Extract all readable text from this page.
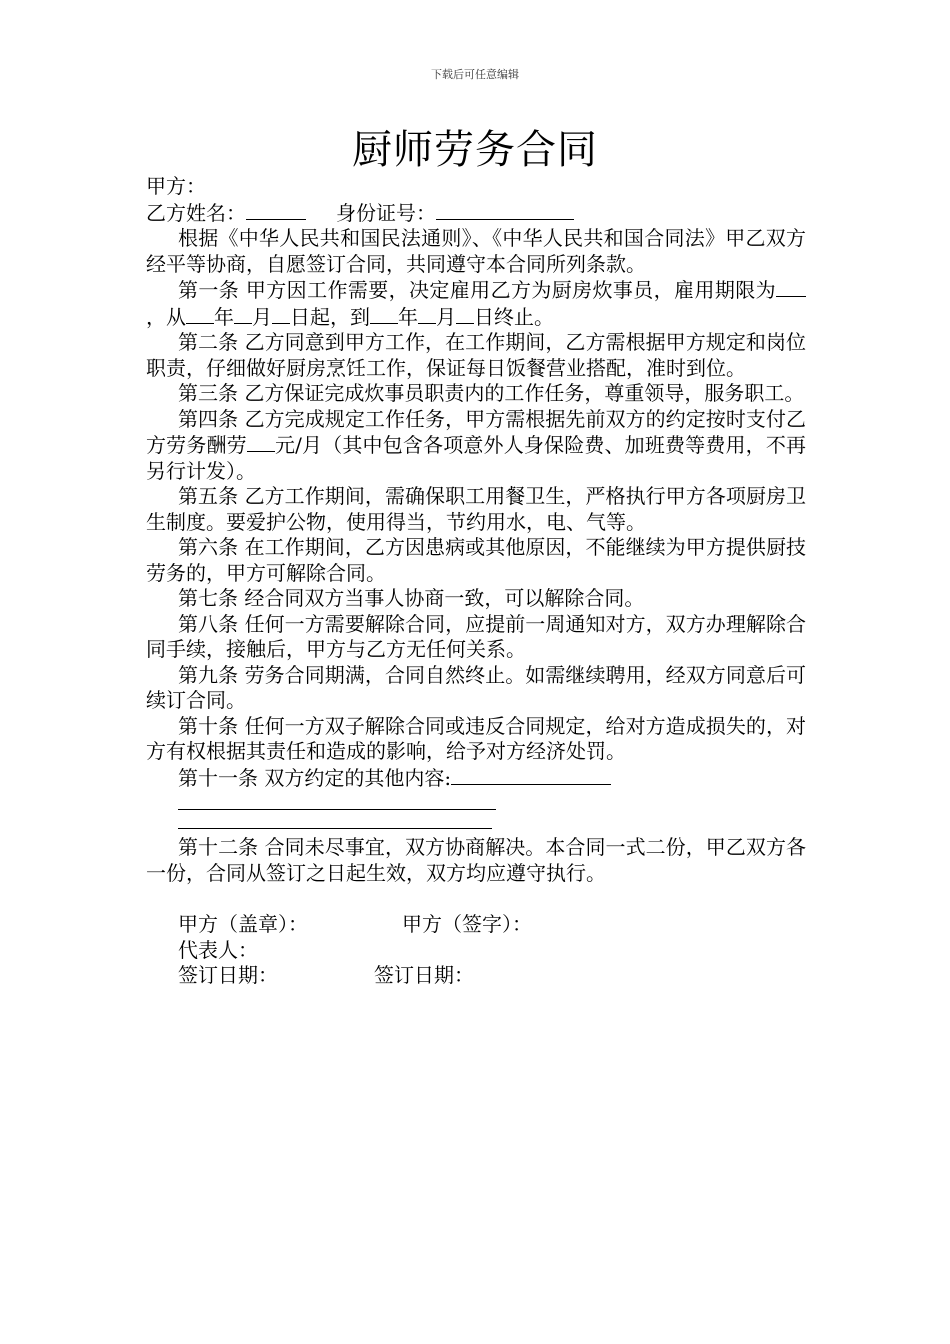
下载后可任意编辑
厨师劳务合同
甲方：
乙方姓名：	身份证号：
根据《中华人民共和国民法通则》、《中华人民共和国合同法》甲乙双方经平等协商，自愿签订合同，共同遵守本合同所列条款。
第一条 甲方因工作需要，决定雇用乙方为厨房炊事员，雇用期限为，从 年 月 日起，到 年 月 日终止。
第二条 乙方同意到甲方工作，在工作期间，乙方需根据甲方规定和岗位职责，仔细做好厨房烹饪工作，保证每日饭餐营业搭配，准时到位。
第三条 乙方保证完成炊事员职责内的工作任务，尊重领导，服务职工。
第四条 乙方完成规定工作任务，甲方需根据先前双方的约定按时支付乙方劳务酬劳 元/月（其中包含各项意外人身保险费、加班费等费用，不再另行计发）。
第五条 乙方工作期间，需确保职工用餐卫生，严格执行甲方各项厨房卫生制度。要爱护公物，使用得当，节约用水，电、气等。
第六条 在工作期间，乙方因患病或其他原因，不能继续为甲方提供厨技劳务的，甲方可解除合同。
第七条 经合同双方当事人协商一致，可以解除合同。
第八条 任何一方需要解除合同，应提前一周通知对方，双方办理解除合同手续，接触后，甲方与乙方无任何关系。
第九条 劳务合同期满，合同自然终止。如需继续聘用，经双方同意后可续订合同。
第十条 任何一方双子解除合同或违反合同规定，给对方造成损失的，对方有权根据其责任和造成的影响，给予对方经济处罚。
第十一条 双方约定的其他内容:
第十二条 合同未尽事宜，双方协商解决。本合同一式二份，甲乙双方各一份，合同从签订之日起生效，双方均应遵守执行。
甲方（盖章）：	甲方（签字）：
代表人：
签订日期：	签订日期：
